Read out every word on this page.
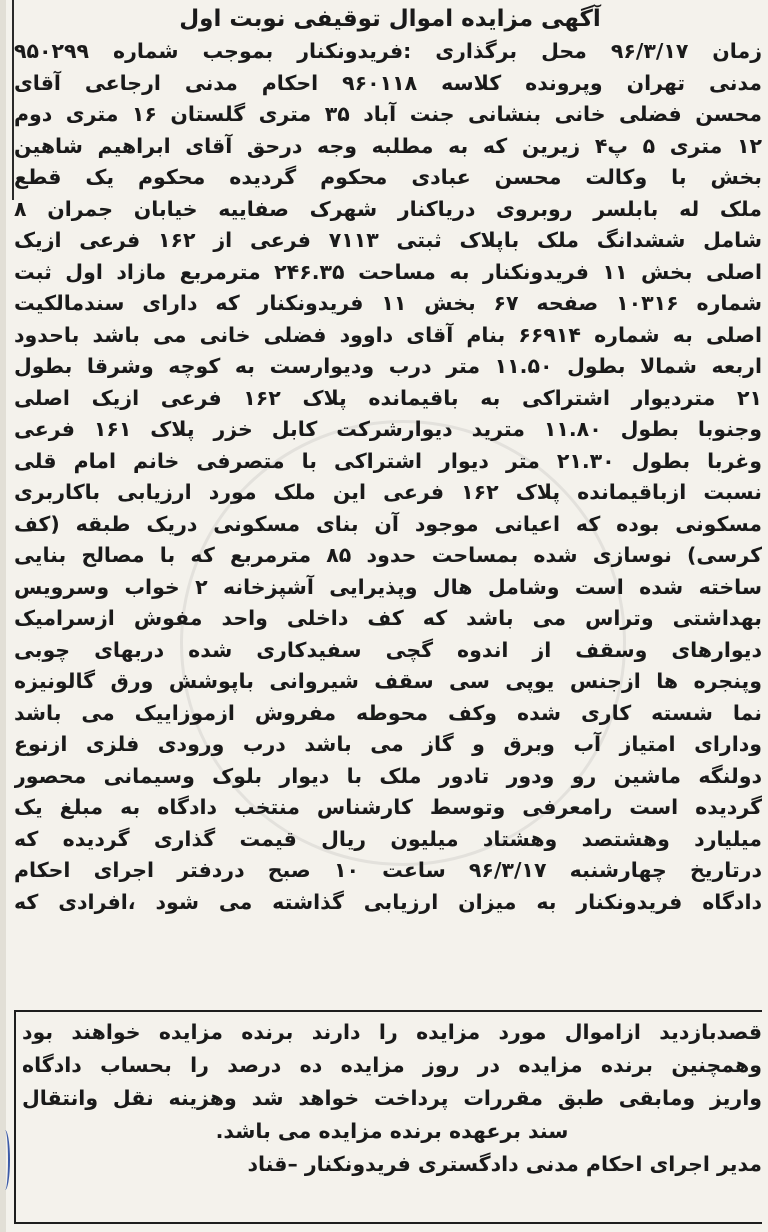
آگهی مزایده اموال توقیفی نوبت اول
زمان ۹۶/۳/۱۷ محل برگذاری :فریدونکنار بموجب شماره ۹۵۰۲۹۹
مدنی تهران وپرونده کلاسه ۹۶۰۱۱۸ احکام مدنی ارجاعی آقای
محسن فضلی خانی بنشانی جنت آباد ۳۵ متری گلستان ۱۶ متری دوم
۱۲ متری ۵ پ۴ زیرین که به مطلبه وجه درحق آقای ابراهیم شاهین
بخش با وکالت محسن عبادی محکوم گردیده محکوم یک قطع
ملک له بابلسر روبروی دریاکنار شهرک صفاییه خیابان جمران ۸
شامل ششدانگ ملک باپلاک ثبتی ۷۱۱۳ فرعی از ۱۶۲ فرعی ازیک
اصلی بخش ۱۱ فریدونکنار به مساحت ۲۴۶.۳۵ مترمربع مازاد اول ثبت
شماره ۱۰۳۱۶ صفحه ۶۷ بخش ۱۱ فریدونکنار که دارای سندمالکیت
اصلی به شماره ۶۶۹۱۴ بنام آقای داوود فضلی خانی می باشد باحدود
اربعه شمالا بطول ۱۱.۵۰ متر درب ودیوارست به کوچه وشرقا بطول
۲۱ متردیوار اشتراکی به باقیمانده پلاک ۱۶۲ فرعی ازیک اصلی
وجنوبا بطول ۱۱.۸۰ مترید دیوارشرکت کابل خزر پلاک ۱۶۱ فرعی
وغربا بطول ۲۱.۳۰ متر دیوار اشتراکی با متصرفی خانم امام قلی
نسبت ازباقیمانده پلاک ۱۶۲ فرعی این ملک مورد ارزیابی باکاربری
مسکونی بوده که اعیانی موجود آن بنای مسکونی دریک طبقه (کف
کرسی) نوسازی شده بمساحت حدود ۸۵ مترمربع که با مصالح بنایی
ساخته شده است وشامل هال وپذیرایی آشپزخانه ۲ خواب وسرویس
بهداشتی وتراس می باشد که کف داخلی واحد مفوش ازسرامیک
دیوارهای وسقف از اندوه گچی سفیدکاری شده دربهای چوبی
وپنجره ها ازجنس یوپی سی سقف شیروانی باپوشش ورق گالونیزه
نما شسته کاری شده وکف محوطه مفروش ازموزاییک می باشد
ودارای امتیاز آب وبرق و گاز می باشد درب ورودی فلزی ازنوع
دولنگه ماشین رو ودور تادور ملک با دیوار بلوک وسیمانی محصور
گردیده است رامعرفی وتوسط کارشناس منتخب دادگاه به مبلغ یک
میلیارد وهشتصد وهشتاد میلیون ریال قیمت گذاری گردیده که
درتاریخ چهارشنبه ۹۶/۳/۱۷ ساعت ۱۰ صبح دردفتر اجرای احکام
دادگاه فریدونکنار به میزان ارزیابی گذاشته می شود ،افرادی که
قصدبازدید ازاموال مورد مزایده را دارند برنده مزایده خواهند بود
وهمچنین برنده مزایده در روز مزایده ده درصد را بحساب دادگاه
واریز ومابقی طبق مقررات پرداخت خواهد شد وهزینه نقل وانتقال
سند برعهده برنده مزایده می باشد.
مدیر اجرای احکام مدنی دادگستری فریدونکنار –قناد
